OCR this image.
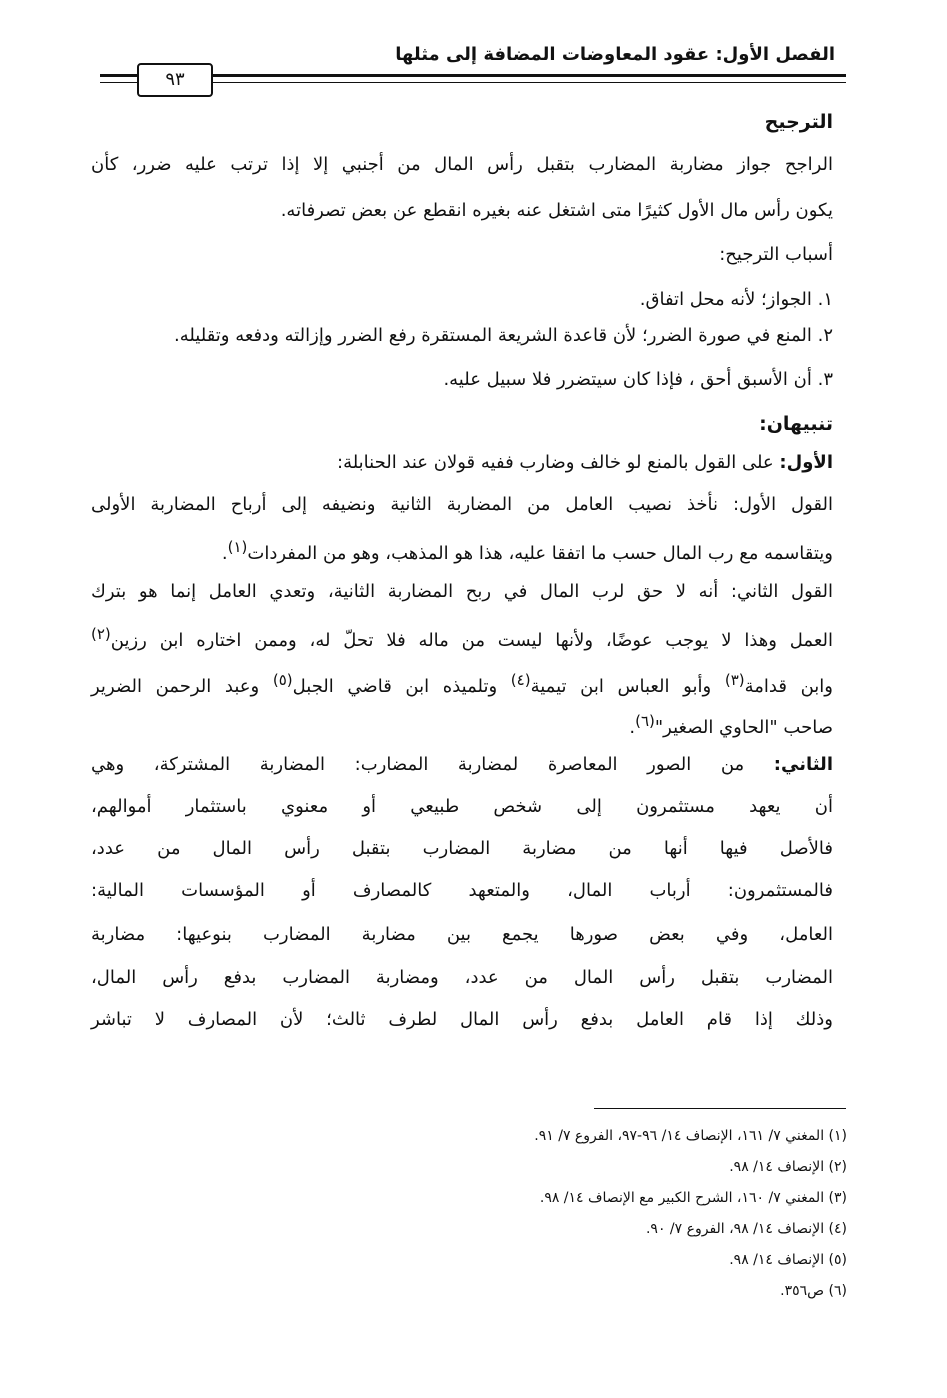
الفصل الأول: عقود المعاوضات المضافة إلى مثلها
٩٣
الترجيح
الراجح جواز مضاربة المضارب بتقبل رأس المال من أجنبي إلا إذا ترتب عليه ضرر، كأن
يكون رأس مال الأول كثيرًا متى اشتغل عنه بغيره انقطع عن بعض تصرفاته.
أسباب الترجيح:
١. الجواز؛ لأنه محل اتفاق.
٢. المنع في صورة الضرر؛ لأن قاعدة الشريعة المستقرة رفع الضرر وإزالته ودفعه وتقليله.
٣. أن الأسبق أحق ، فإذا كان سيتضرر فلا سبيل عليه.
تنبيهان:
الأول: على القول بالمنع لو خالف وضارب ففيه قولان عند الحنابلة:
القول الأول: نأخذ نصيب العامل من المضاربة الثانية ونضيفه إلى أرباح المضاربة الأولى
ويتقاسمه مع رب المال حسب ما اتفقا عليه، هذا هو المذهب، وهو من المفردات$^{(١)}$.
القول الثاني: أنه لا حق لرب المال في ربح المضاربة الثانية، وتعدي العامل إنما هو بترك
العمل وهذا لا يوجب عوضًا، ولأنها ليست من ماله فلا تحلّ له، وممن اختاره ابن رزين$^{(٢)}$
وابن قدامة$^{(٣)}$ وأبو العباس ابن تيمية$^{(٤)}$ وتلميذه ابن قاضي الجبل$^{(٥)}$ وعبد الرحمن الضرير
صاحب "الحاوي الصغير"$^{(٦)}$.
الثاني: من الصور المعاصرة لمضاربة المضارب: المضاربة المشتركة، وهي
أن يعهد مستثمرون إلى شخص طبيعي أو معنوي باستثمار أموالهم،
فالأصل فيها أنها من مضاربة المضارب بتقبل رأس المال من عدد،
فالمستثمرون: أرباب المال، والمتعهد كالمصارف أو المؤسسات المالية:
العامل، وفي بعض صورها يجمع بين مضاربة المضارب بنوعيها: مضاربة
المضارب بتقبل رأس المال من عدد، ومضاربة المضارب بدفع رأس المال،
وذلك إذا قام العامل بدفع رأس المال لطرف ثالث؛ لأن المصارف لا تباشر
(١) المغني ٧/ ١٦١، الإنصاف ١٤/ ٩٦-٩٧، الفروع ٧/ ٩١.
(٢) الإنصاف ١٤/ ٩٨.
(٣) المغني ٧/ ١٦٠، الشرح الكبير مع الإنصاف ١٤/ ٩٨.
(٤) الإنصاف ١٤/ ٩٨، الفروع ٧/ ٩٠.
(٥) الإنصاف ١٤/ ٩٨.
(٦) ص٣٥٦.
